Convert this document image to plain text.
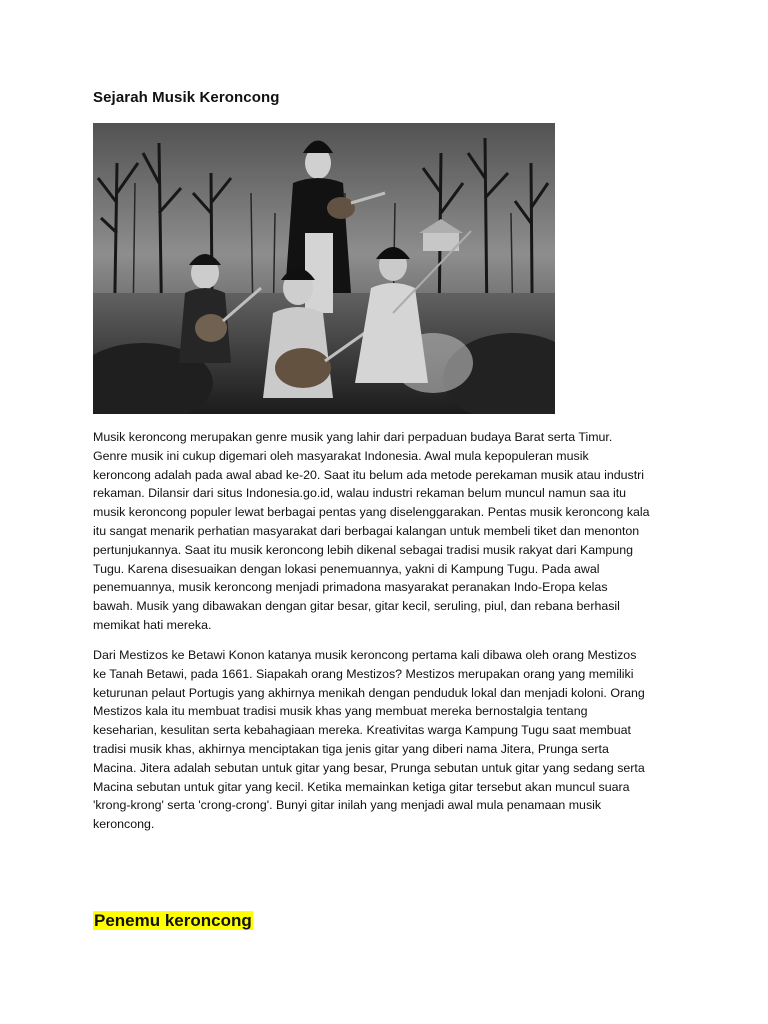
Sejarah Musik Keroncong

Musik keroncong merupakan genre musik yang lahir dari perpaduan budaya Barat serta Timur.
Genre musik ini cukup digemari oleh masyarakat Indonesia. Awal mula kepopuleran musik
keroncong adalah pada awal abad ke-20. Saat itu belum ada metode perekaman musik atau industri
rekaman. Dilansir dari situs Indonesia.go.id, walau industri rekaman belum muncul namun saa itu
musik keroncong populer lewat berbagai pentas yang diselenggarakan. Pentas musik keroncong kala
itu sangat menarik perhatian masyarakat dari berbagai kalangan untuk membeli tiket dan menonton
pertunjukannya. Saat itu musik keroncong lebih dikenal sebagai tradisi musik rakyat dari Kampung
Tugu. Karena disesuaikan dengan lokasi penemuannya, yakni di Kampung Tugu. Pada awal
penemuannya, musik keroncong menjadi primadona masyarakat peranakan Indo-Eropa kelas
bawah. Musik yang dibawakan dengan gitar besar, gitar kecil, seruling, piul, dan rebana berhasil
memikat hati mereka.

Dari Mestizos ke Betawi Konon katanya musik keroncong pertama kali dibawa oleh orang Mestizos
ke Tanah Betawi, pada 1661. Siapakah orang Mestizos? Mestizos merupakan orang yang memiliki
keturunan pelaut Portugis yang akhirnya menikah dengan penduduk lokal dan menjadi koloni. Orang
Mestizos kala itu membuat tradisi musik khas yang membuat mereka bernostalgia tentang
keseharian, kesulitan serta kebahagiaan mereka. Kreativitas warga Kampung Tugu saat membuat
tradisi musik khas, akhirnya menciptakan tiga jenis gitar yang diberi nama Jitera, Prunga serta
Macina. Jitera adalah sebutan untuk gitar yang besar, Prunga sebutan untuk gitar yang sedang serta
Macina sebutan untuk gitar yang kecil. Ketika memainkan ketiga gitar tersebut akan muncul suara
'krong-krong' serta 'crong-crong'. Bunyi gitar inilah yang menjadi awal mula penamaan musik
keroncong.

Penemu keroncong
